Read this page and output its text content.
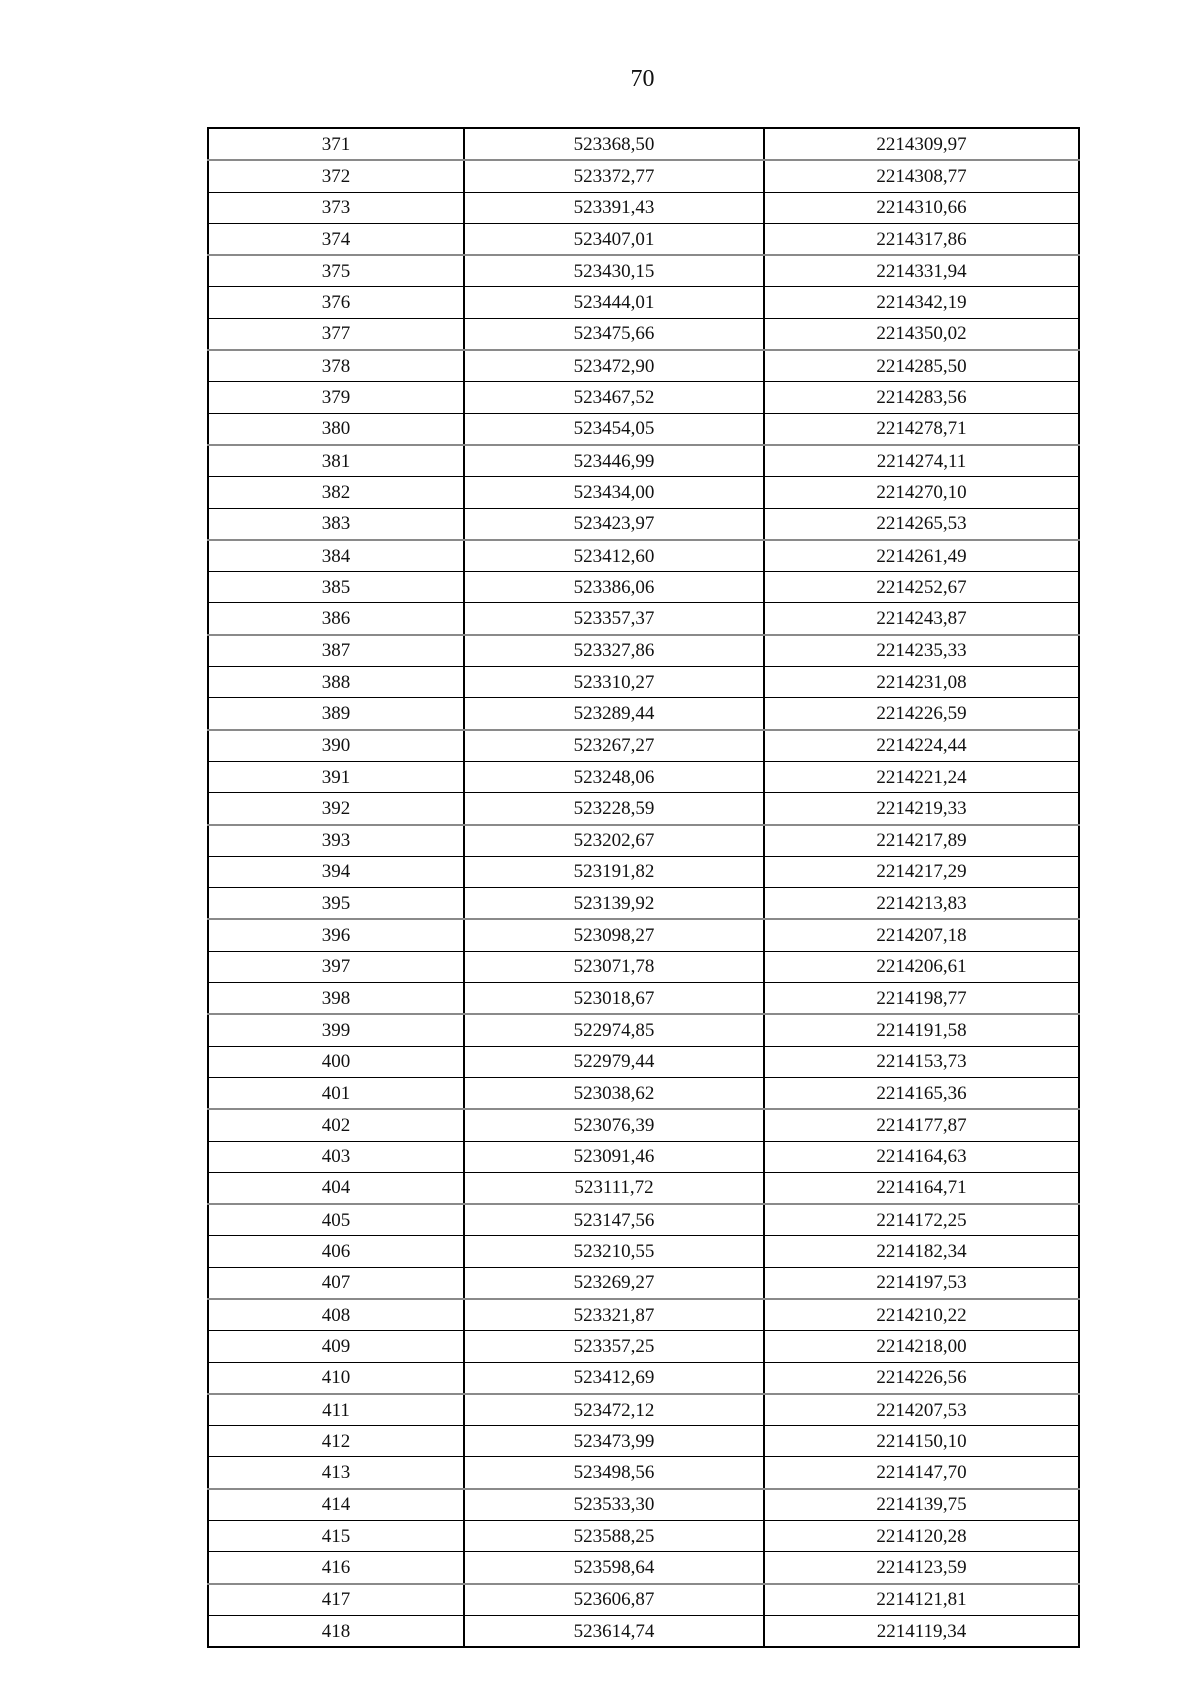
70
371	523368,50	2214309,97
372	523372,77	2214308,77
373	523391,43	2214310,66
374	523407,01	2214317,86
375	523430,15	2214331,94
376	523444,01	2214342,19
377	523475,66	2214350,02
378	523472,90	2214285,50
379	523467,52	2214283,56
380	523454,05	2214278,71
381	523446,99	2214274,11
382	523434,00	2214270,10
383	523423,97	2214265,53
384	523412,60	2214261,49
385	523386,06	2214252,67
386	523357,37	2214243,87
387	523327,86	2214235,33
388	523310,27	2214231,08
389	523289,44	2214226,59
390	523267,27	2214224,44
391	523248,06	2214221,24
392	523228,59	2214219,33
393	523202,67	2214217,89
394	523191,82	2214217,29
395	523139,92	2214213,83
396	523098,27	2214207,18
397	523071,78	2214206,61
398	523018,67	2214198,77
399	522974,85	2214191,58
400	522979,44	2214153,73
401	523038,62	2214165,36
402	523076,39	2214177,87
403	523091,46	2214164,63
404	523111,72	2214164,71
405	523147,56	2214172,25
406	523210,55	2214182,34
407	523269,27	2214197,53
408	523321,87	2214210,22
409	523357,25	2214218,00
410	523412,69	2214226,56
411	523472,12	2214207,53
412	523473,99	2214150,10
413	523498,56	2214147,70
414	523533,30	2214139,75
415	523588,25	2214120,28
416	523598,64	2214123,59
417	523606,87	2214121,81
418	523614,74	2214119,34
